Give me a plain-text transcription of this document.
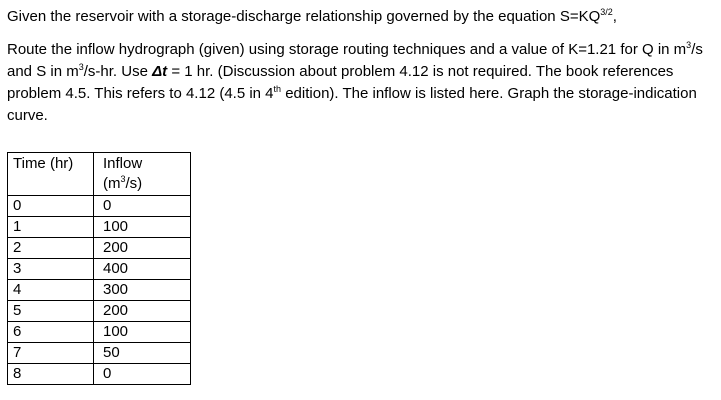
Given the reservoir with a storage-discharge relationship governed by the equation $S=KQ^{3/2}$,

Route the inflow hydrograph (given) using storage routing techniques and a value of K=1.21 for Q in $m^3/s$ and S in $m^3/s-hr$. Use Δt = 1 hr. (Discussion about problem 4.12 is not required. The book references problem 4.5. This refers to 4.12 (4.5 in 4th edition). The inflow is listed here. Graph the storage-indication curve.

Time (hr)	Inflow
$(m^3/s)$
0	0
1	100
2	200
3	400
4	300
5	200
6	100
7	50
8	0
